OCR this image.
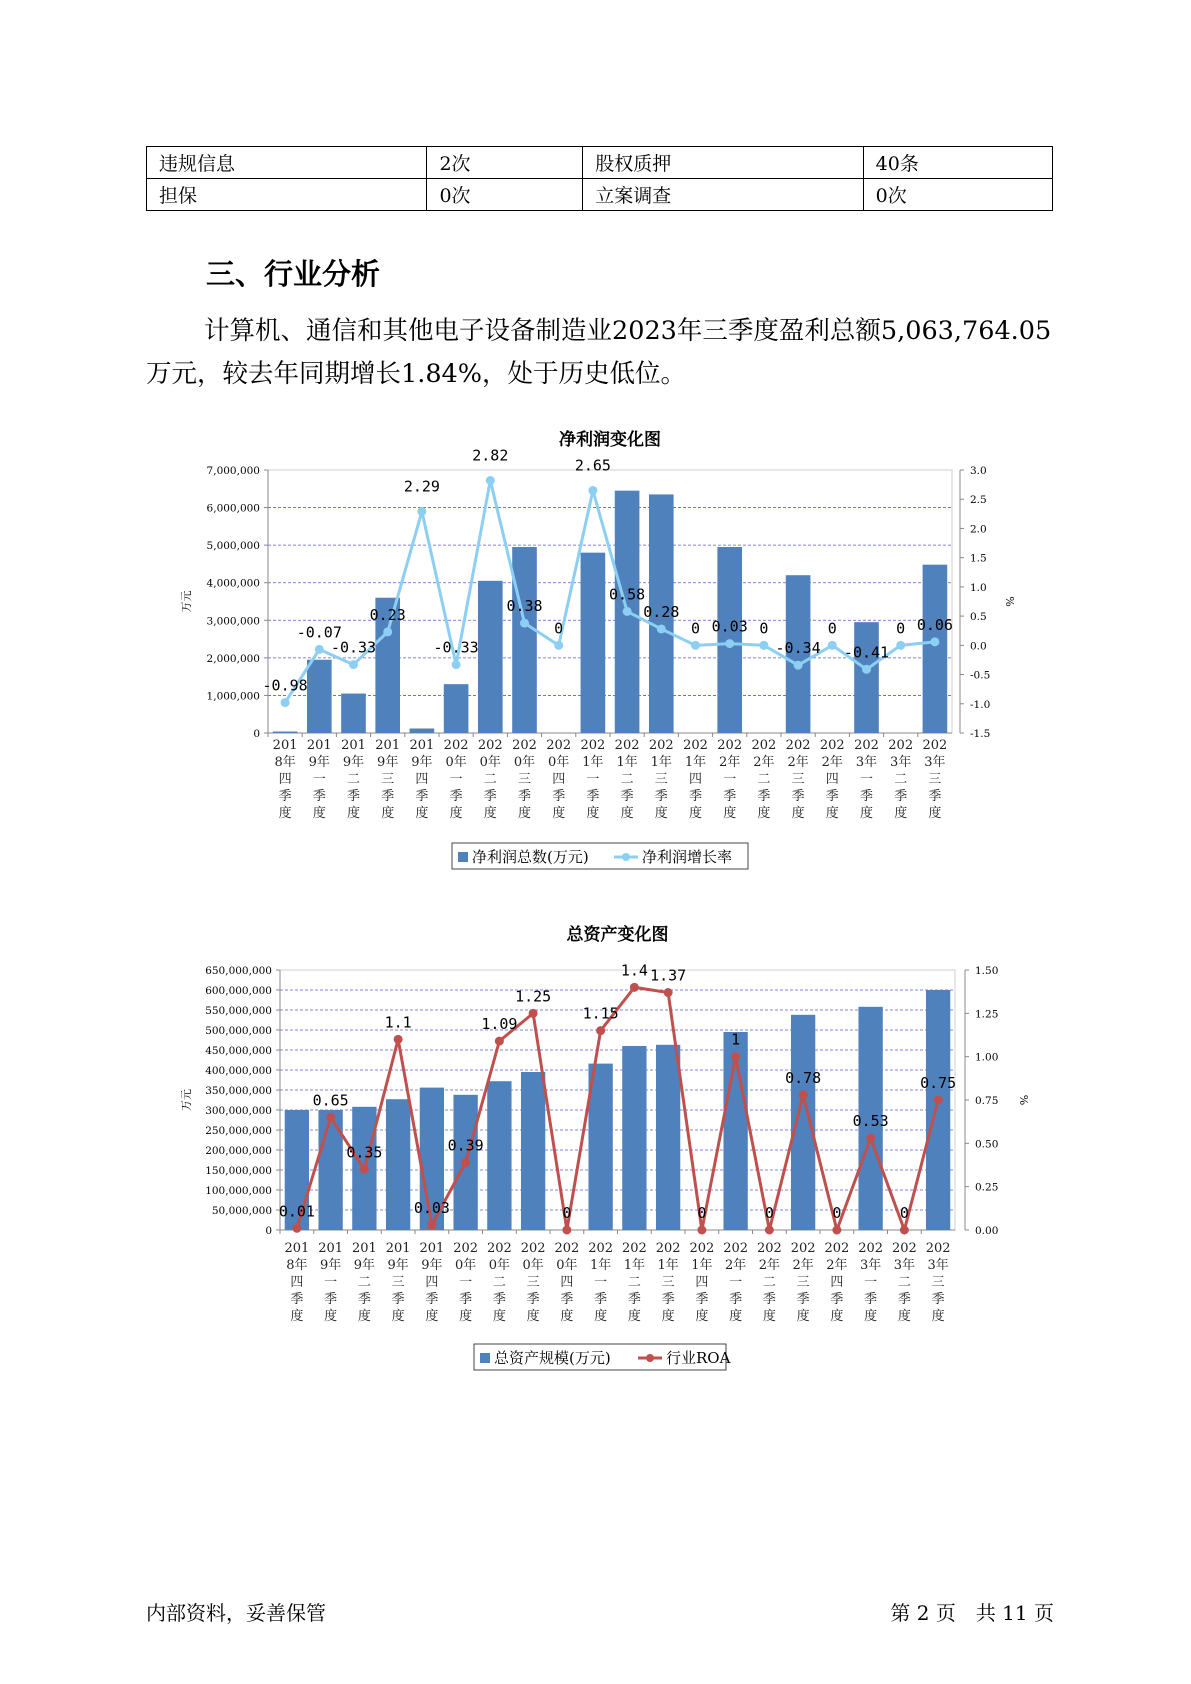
违规信息	2次	股权质押	40条
担保	0次	立案调查	0次
三、行业分析

计算机、通信和其他电子设备制造业2023年三季度盈利总额5,063,764.05万元，较去年同期增长1.84%，处于历史低位。

净利润变化图
0
1,000,000
2,000,000
3,000,000
4,000,000
5,000,000
6,000,000
7,000,000
-1.5
-1.0
-0.5
0.0
0.5
1.0
1.5
2.0
2.5
3.0
万元	%
201
8年
四
季
度
201
9年
一
季
度
201
9年
二
季
度
201
9年
三
季
度
201
9年
四
季
度
202
0年
一
季
度
202
0年
二
季
度
202
0年
三
季
度
202
0年
四
季
度
202
1年
一
季
度
202
1年
二
季
度
202
1年
三
季
度
202
1年
四
季
度
202
2年
一
季
度
202
2年
二
季
度
202
2年
三
季
度
202
2年
四
季
度
202
3年
一
季
度
202
3年
二
季
度
202
3年
三
季
度
-0.98
-0.07
-0.33
0.23
2.29
-0.33
2.82
0.38
0
2.65
0.58
0.28
0 0.03 0
-0.34
0
-0.41
0 0.06
净利润总数(万元)	净利润增长率
总资产变化图
0
50,000,000
100,000,000
150,000,000
200,000,000
250,000,000
300,000,000
350,000,000
400,000,000
450,000,000
500,000,000
550,000,000
600,000,000
650,000,000
0.00
0.25
0.50
0.75
1.00
1.25
1.50
万元	%
201
8年
四
季
度
201
9年
一
季
度
201
9年
二
季
度
201
9年
三
季
度
201
9年
四
季
度
202
0年
一
季
度
202
0年
二
季
度
202
0年
三
季
度
202
0年
四
季
度
202
1年
一
季
度
202
1年
二
季
度
202
1年
三
季
度
202
1年
四
季
度
202
2年
一
季
度
202
2年
二
季
度
202
2年
三
季
度
202
2年
四
季
度
202
3年
一
季
度
202
3年
二
季
度
202
3年
三
季
度
0.01
0.65
0.35
1.1
0.03
0.39
1.09
1.25
0
1.15
1.4 1.37
0
1
0
0.78
0
0.53
0
0.75
总资产规模(万元)	行业ROA
内部资料，妥善保管	第 2 页　共 11 页
